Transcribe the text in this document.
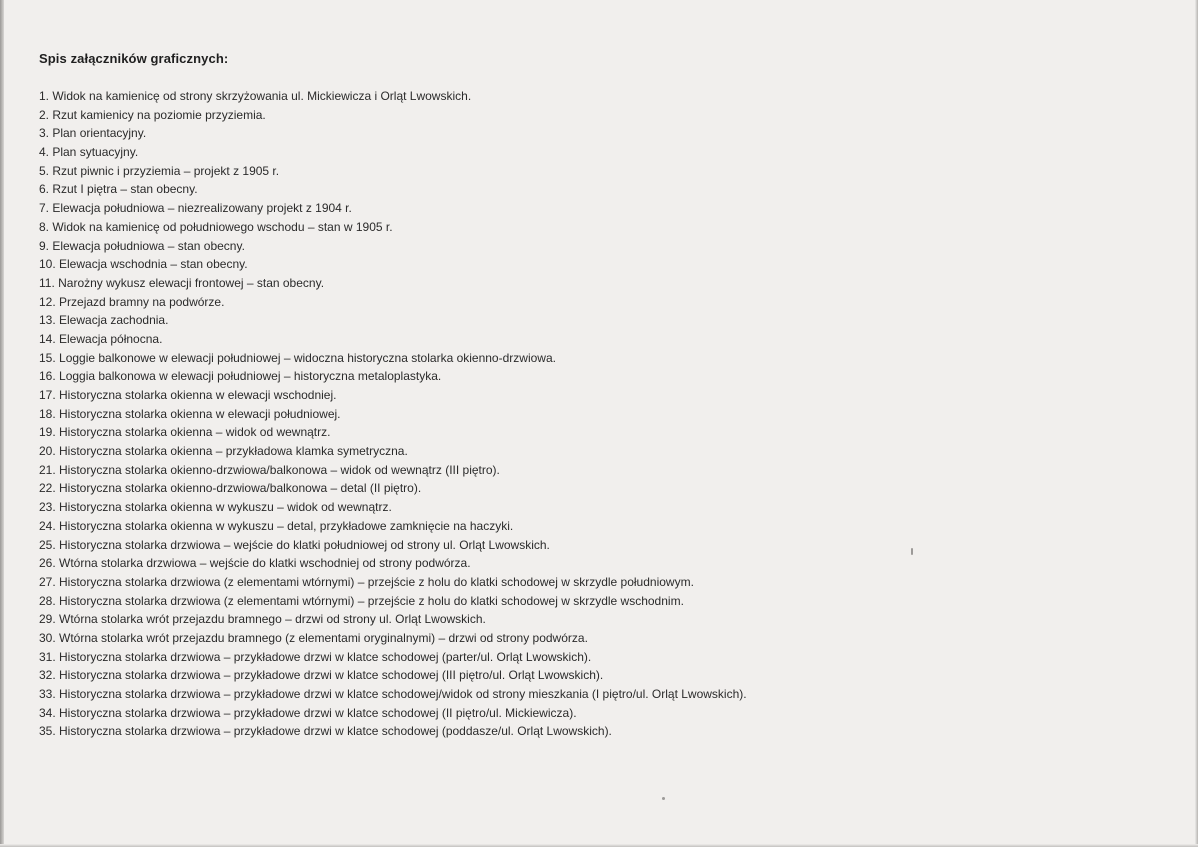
Spis załączników graficznych:
1. Widok na kamienicę od strony skrzyżowania ul. Mickiewicza i Orląt Lwowskich.
2. Rzut kamienicy na poziomie przyziemia.
3. Plan orientacyjny.
4. Plan sytuacyjny.
5. Rzut piwnic i przyziemia – projekt z 1905 r.
6. Rzut I piętra – stan obecny.
7. Elewacja południowa – niezrealizowany projekt z 1904 r.
8. Widok na kamienicę od południowego wschodu – stan w 1905 r.
9. Elewacja południowa – stan obecny.
10. Elewacja wschodnia – stan obecny.
11. Narożny wykusz elewacji frontowej – stan obecny.
12. Przejazd bramny na podwórze.
13. Elewacja zachodnia.
14. Elewacja północna.
15. Loggie balkonowe w elewacji południowej – widoczna historyczna stolarka okienno-drzwiowa.
16. Loggia balkonowa w elewacji południowej – historyczna metaloplastyka.
17. Historyczna stolarka okienna w elewacji wschodniej.
18. Historyczna stolarka okienna w elewacji południowej.
19. Historyczna stolarka okienna – widok od wewnątrz.
20. Historyczna stolarka okienna – przykładowa klamka symetryczna.
21. Historyczna stolarka okienno-drzwiowa/balkonowa – widok od wewnątrz (III piętro).
22. Historyczna stolarka okienno-drzwiowa/balkonowa – detal (II piętro).
23. Historyczna stolarka okienna w wykuszu – widok od wewnątrz.
24. Historyczna stolarka okienna w wykuszu – detal, przykładowe zamknięcie na haczyki.
25. Historyczna stolarka drzwiowa – wejście do klatki południowej od strony ul. Orląt Lwowskich.
26. Wtórna stolarka drzwiowa – wejście do klatki wschodniej od strony podwórza.
27. Historyczna stolarka drzwiowa (z elementami wtórnymi) – przejście z holu do klatki schodowej w skrzydle południowym.
28. Historyczna stolarka drzwiowa (z elementami wtórnymi) – przejście z holu do klatki schodowej w skrzydle wschodnim.
29. Wtórna stolarka wrót przejazdu bramnego – drzwi od strony ul. Orląt Lwowskich.
30. Wtórna stolarka wrót przejazdu bramnego (z elementami oryginalnymi) – drzwi od strony podwórza.
31. Historyczna stolarka drzwiowa – przykładowe drzwi w klatce schodowej (parter/ul. Orląt Lwowskich).
32. Historyczna stolarka drzwiowa – przykładowe drzwi w klatce schodowej (III piętro/ul. Orląt Lwowskich).
33. Historyczna stolarka drzwiowa – przykładowe drzwi w klatce schodowej/widok od strony mieszkania (I piętro/ul. Orląt Lwowskich).
34. Historyczna stolarka drzwiowa – przykładowe drzwi w klatce schodowej (II piętro/ul. Mickiewicza).
35. Historyczna stolarka drzwiowa – przykładowe drzwi w klatce schodowej (poddasze/ul. Orląt Lwowskich).
